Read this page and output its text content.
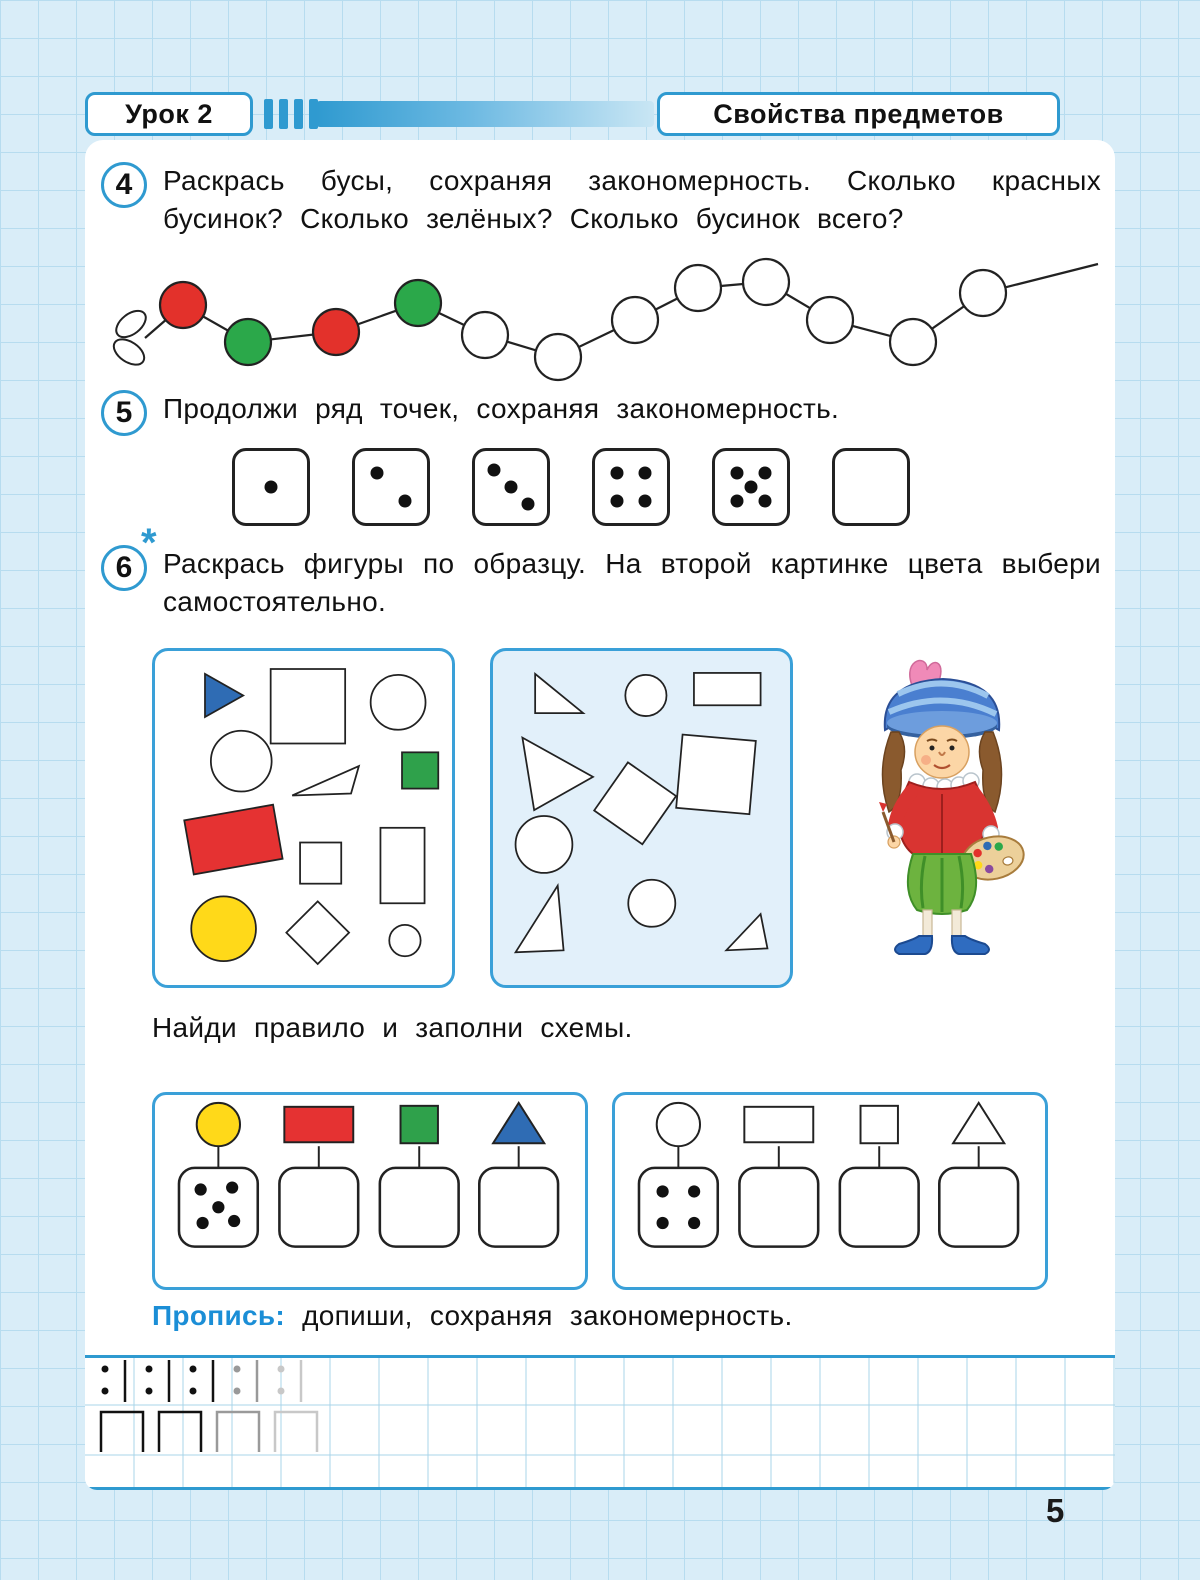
Урок 2	Свойства предметов
4	Раскрась бусы, сохраняя закономерность. Сколько красных
бусинок? Сколько зелёных? Сколько бусинок всего?
5	Продолжи ряд точек, сохраняя закономерность.
6
* Раскрась фигуры по образцу. На второй картинке цвета выбери
самостоятельно.
Найди правило и заполни схемы.
Пропись: допиши, сохраняя закономерность.
5
